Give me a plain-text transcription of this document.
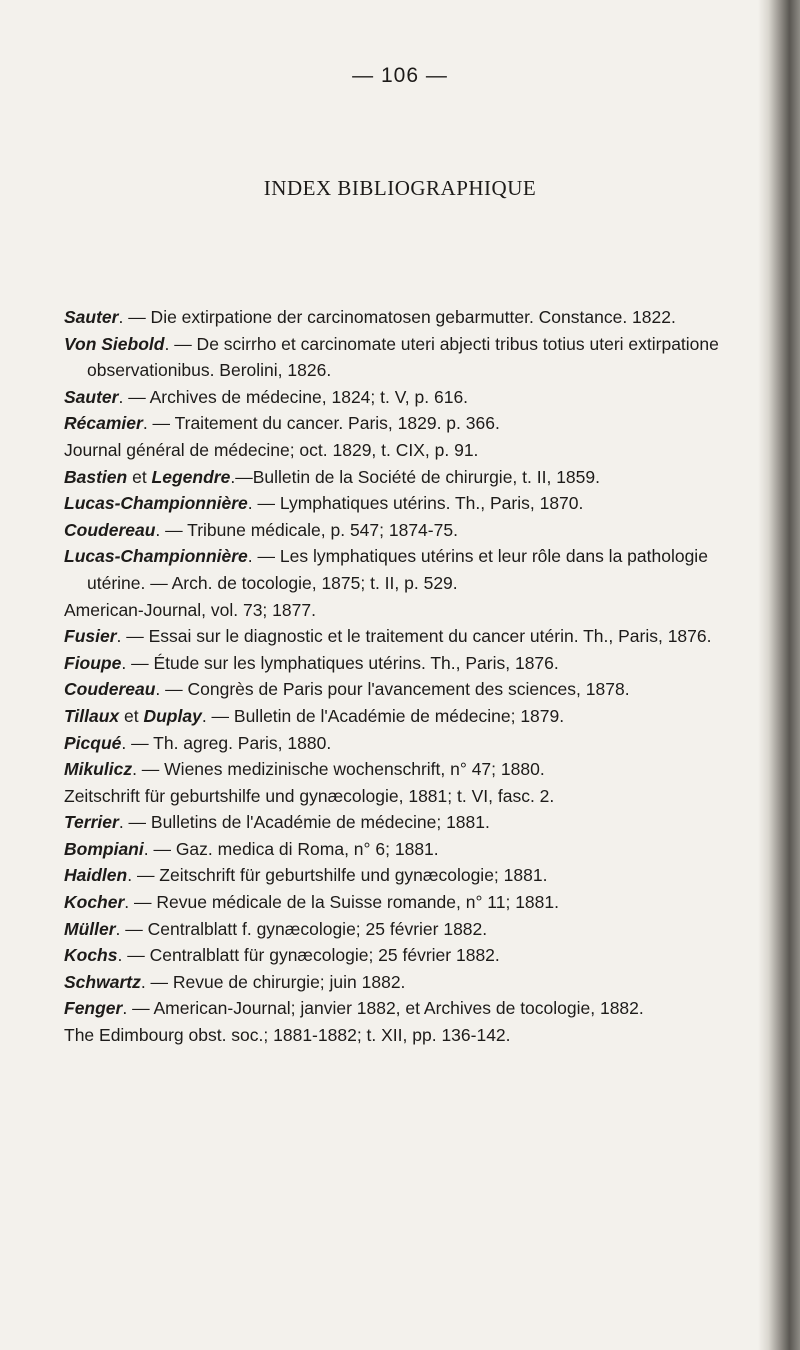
— 106 —
INDEX BIBLIOGRAPHIQUE
Sauter. — Die extirpatione der carcinomatosen gebarmutter. Constance. 1822.
Von Siebold. — De scirrho et carcinomate uteri abjecti tribus totius uteri extirpatione observationibus. Berolini, 1826.
Sauter. — Archives de médecine, 1824; t. V, p. 616.
Récamier. — Traitement du cancer. Paris, 1829. p. 366.
Journal général de médecine; oct. 1829, t. CIX, p. 91.
Bastien et Legendre.—Bulletin de la Société de chirurgie, t. II, 1859.
Lucas-Championnière. — Lymphatiques utérins. Th., Paris, 1870.
Coudereau. — Tribune médicale, p. 547; 1874-75.
Lucas-Championnière. — Les lymphatiques utérins et leur rôle dans la pathologie utérine. — Arch. de tocologie, 1875; t. II, p. 529.
American-Journal, vol. 73; 1877.
Fusier. — Essai sur le diagnostic et le traitement du cancer utérin. Th., Paris, 1876.
Fioupe. — Étude sur les lymphatiques utérins. Th., Paris, 1876.
Coudereau. — Congrès de Paris pour l'avancement des sciences, 1878.
Tillaux et Duplay. — Bulletin de l'Académie de médecine; 1879.
Picqué. — Th. agreg. Paris, 1880.
Mikulicz. — Wienes medizinische wochenschrift, n° 47; 1880.
Zeitschrift für geburtshilfe und gynæcologie, 1881; t. VI, fasc. 2.
Terrier. — Bulletins de l'Académie de médecine; 1881.
Bompiani. — Gaz. medica di Roma, n° 6; 1881.
Haidlen. — Zeitschrift für geburtshilfe und gynæcologie; 1881.
Kocher. — Revue médicale de la Suisse romande, n° 11; 1881.
Müller. — Centralblatt f. gynæcologie; 25 février 1882.
Kochs. — Centralblatt für gynæcologie; 25 février 1882.
Schwartz. — Revue de chirurgie; juin 1882.
Fenger. — American-Journal; janvier 1882, et Archives de tocologie, 1882.
The Edimbourg obst. soc.; 1881-1882; t. XII, pp. 136-142.
